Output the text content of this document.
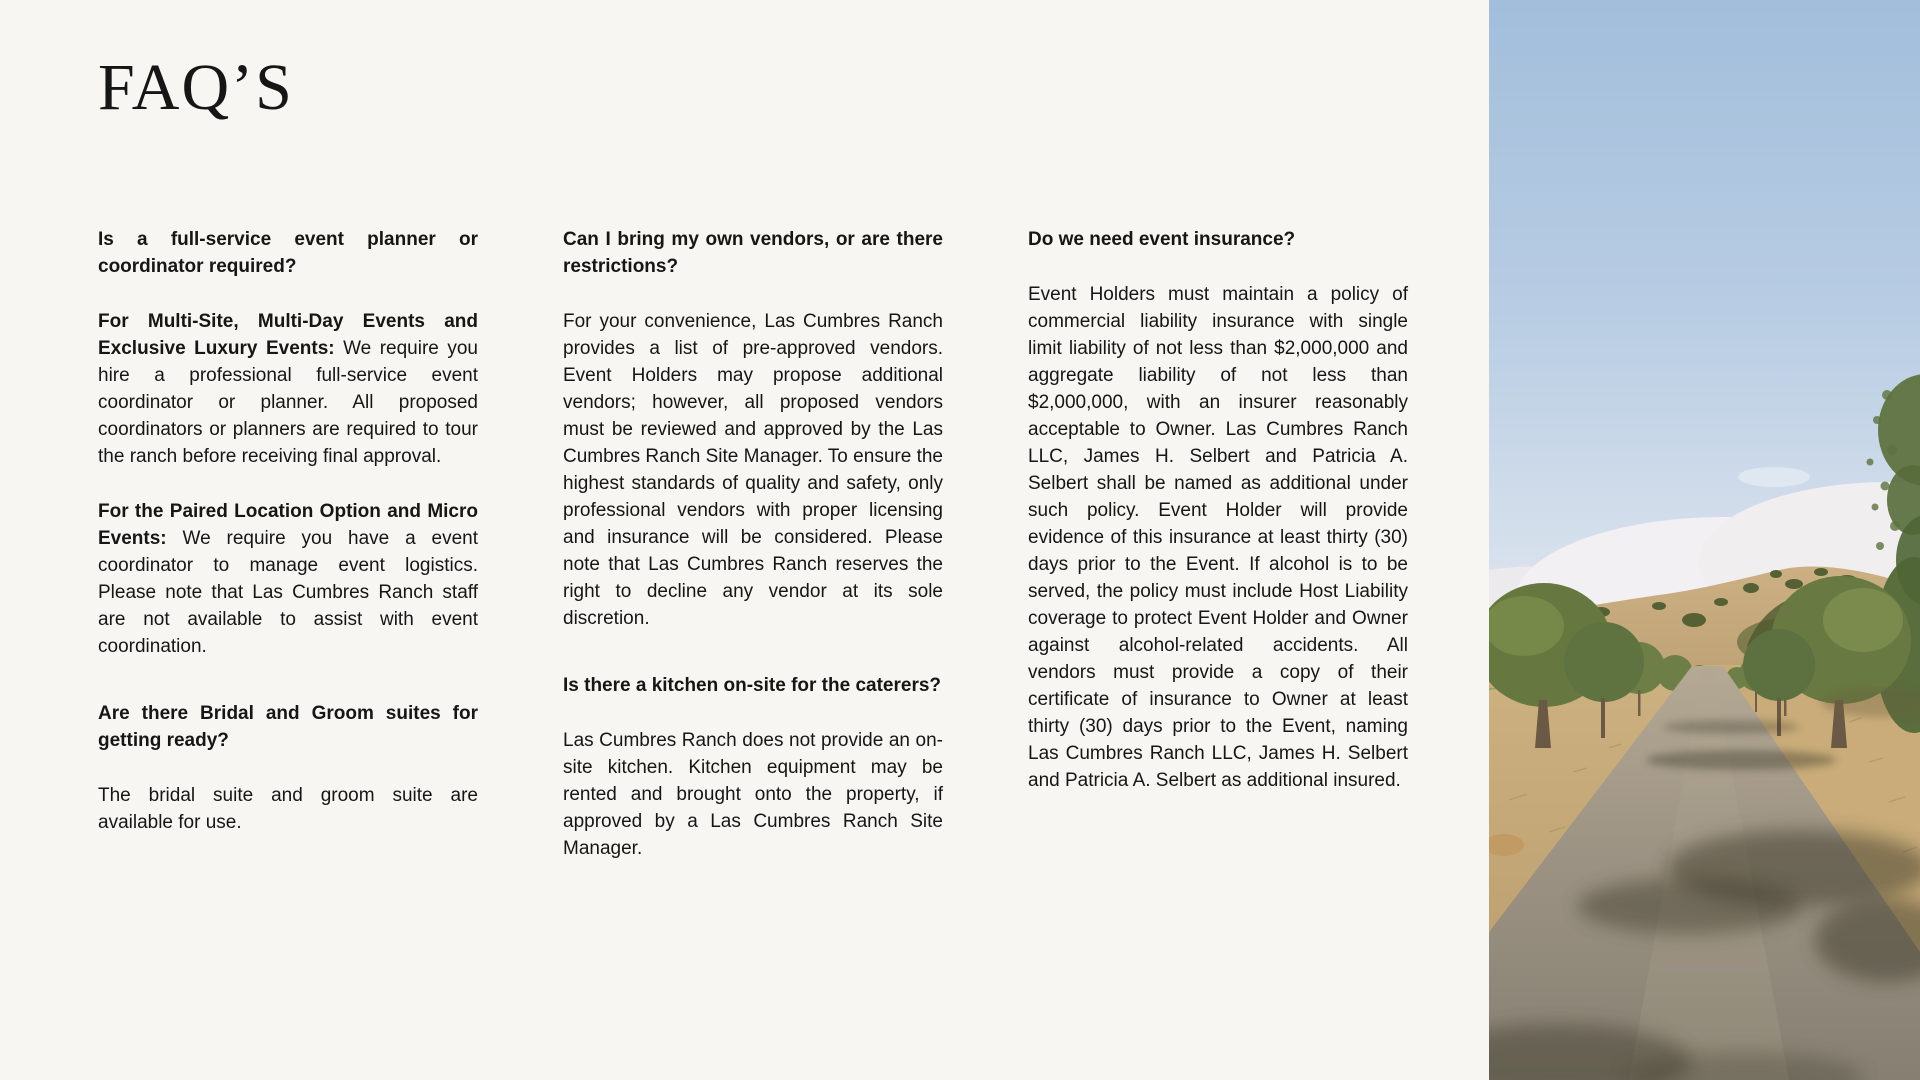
FAQ’S

Is a full-service event planner or coordinator required?

For Multi-Site, Multi-Day Events and Exclusive Luxury Events: We require you hire a professional full-service event coordinator or planner. All proposed coordinators or planners are required to tour the ranch before receiving final approval.

For the Paired Location Option and Micro Events: We require you have a event coordinator to manage event logistics. Please note that Las Cumbres Ranch staff are not available to assist with event coordination.

Are there Bridal and Groom suites for getting ready?

The bridal suite and groom suite are available for use.

Can I bring my own vendors, or are there restrictions?

For your convenience, Las Cumbres Ranch provides a list of pre-approved vendors. Event Holders may propose additional vendors; however, all proposed vendors must be reviewed and approved by the Las Cumbres Ranch Site Manager. To ensure the highest standards of quality and safety, only professional vendors with proper licensing and insurance will be considered. Please note that Las Cumbres Ranch reserves the right to decline any vendor at its sole discretion.

Is there a kitchen on-site for the caterers?

Las Cumbres Ranch does not provide an on-site kitchen. Kitchen equipment may be rented and brought onto the property, if approved by a Las Cumbres Ranch Site Manager.

Do we need event insurance?

Event Holders must maintain a policy of commercial liability insurance with single limit liability of not less than $2,000,000 and aggregate liability of not less than $2,000,000, with an insurer reasonably acceptable to Owner. Las Cumbres Ranch LLC, James H. Selbert and Patricia A. Selbert shall be named as additional under such policy. Event Holder will provide evidence of this insurance at least thirty (30) days prior to the Event. If alcohol is to be served, the policy must include Host Liability coverage to protect Event Holder and Owner against alcohol-related accidents. All vendors must provide a copy of their certificate of insurance to Owner at least thirty (30) days prior to the Event, naming Las Cumbres Ranch LLC, James H. Selbert and Patricia A. Selbert as additional insured.
